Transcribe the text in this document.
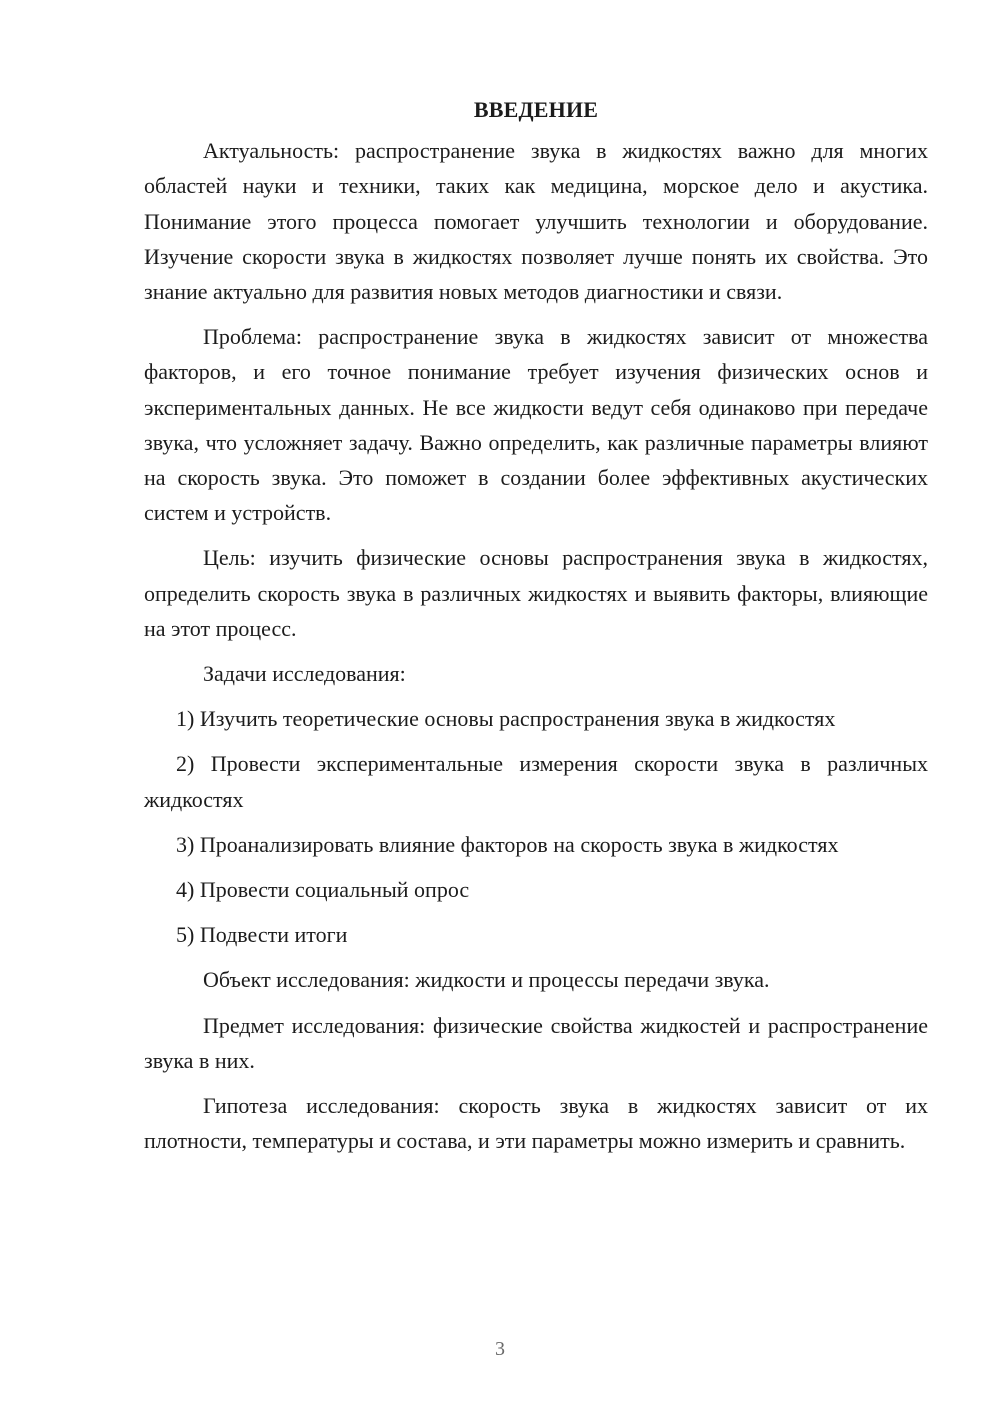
ВВЕДЕНИЕ

Актуальность: распространение звука в жидкостях важно для многих областей науки и техники, таких как медицина, морское дело и акустика. Понимание этого процесса помогает улучшить технологии и оборудование. Изучение скорости звука в жидкостях позволяет лучше понять их свойства. Это знание актуально для развития новых методов диагностики и связи.

Проблема: распространение звука в жидкостях зависит от множества факторов, и его точное понимание требует изучения физических основ и экспериментальных данных. Не все жидкости ведут себя одинаково при передаче звука, что усложняет задачу. Важно определить, как различные параметры влияют на скорость звука. Это поможет в создании более эффективных акустических систем и устройств.

Цель: изучить физические основы распространения звука в жидкостях, определить скорость звука в различных жидкостях и выявить факторы, влияющие на этот процесс.

Задачи исследования:

1) Изучить теоретические основы распространения звука в жидкостях

2) Провести экспериментальные измерения скорости звука в различных жидкостях

3) Проанализировать влияние факторов на скорость звука в жидкостях

4) Провести социальный опрос

5) Подвести итоги

Объект исследования: жидкости и процессы передачи звука.

Предмет исследования: физические свойства жидкостей и распространение звука в них.

Гипотеза исследования: скорость звука в жидкостях зависит от их плотности, температуры и состава, и эти параметры можно измерить и сравнить.

3
